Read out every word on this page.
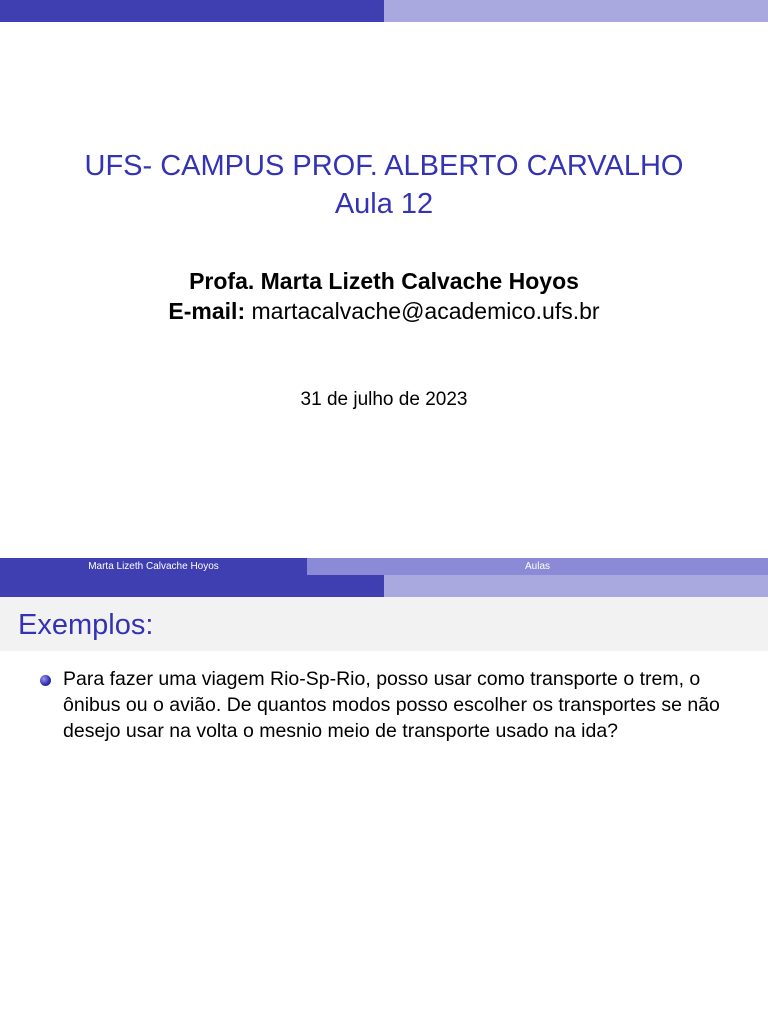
UFS- CAMPUS PROF. ALBERTO CARVALHO
Aula 12
Profa. Marta Lizeth Calvache Hoyos
E-mail: martacalvache@academico.ufs.br
31 de julho de 2023
Marta Lizeth Calvache Hoyos	Aulas
Exemplos:
Para fazer uma viagem Rio-Sp-Rio, posso usar como transporte o trem, o ônibus ou o avião. De quantos modos posso escolher os transportes se não desejo usar na volta o mesnio meio de transporte usado na ida?
